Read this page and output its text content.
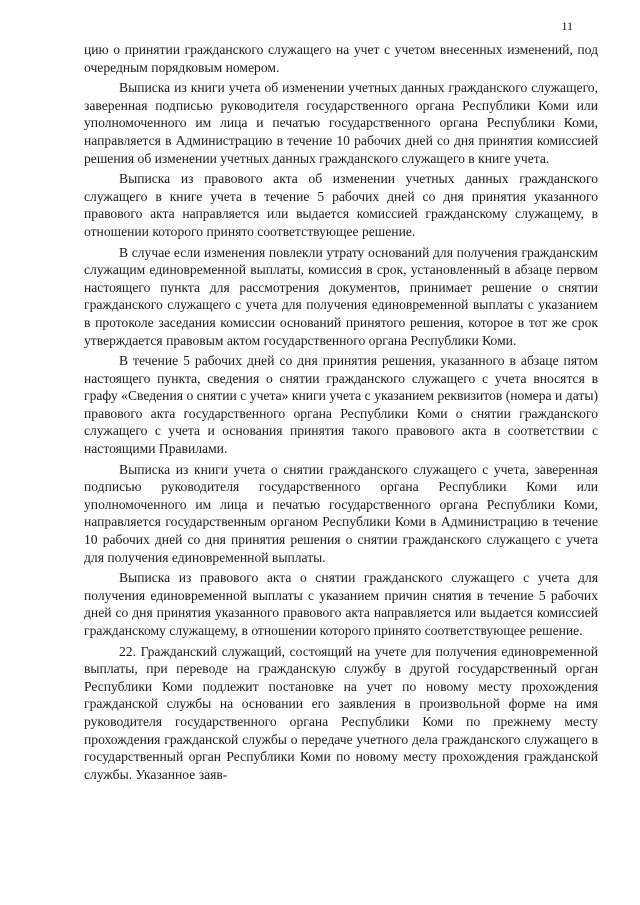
11

цию о принятии гражданского служащего на учет с учетом внесенных изменений, под очередным порядковым номером.

Выписка из книги учета об изменении учетных данных гражданского служащего, заверенная подписью руководителя государственного органа Республики Коми или уполномоченного им лица и печатью государственного органа Республики Коми, направляется в Администрацию в течение 10 рабочих дней со дня принятия комиссией решения об изменении учетных данных гражданского служащего в книге учета.

Выписка из правового акта об изменении учетных данных гражданского служащего в книге учета в течение 5 рабочих дней со дня принятия указанного правового акта направляется или выдается комиссией гражданскому служащему, в отношении которого принято соответствующее решение.

В случае если изменения повлекли утрату оснований для получения гражданским служащим единовременной выплаты, комиссия в срок, установленный в абзаце первом настоящего пункта для рассмотрения документов, принимает решение о снятии гражданского служащего с учета для получения единовременной выплаты с указанием в протоколе заседания комиссии оснований принятого решения, которое в тот же срок утверждается правовым актом государственного органа Республики Коми.

В течение 5 рабочих дней со дня принятия решения, указанного в абзаце пятом настоящего пункта, сведения о снятии гражданского служащего с учета вносятся в графу «Сведения о снятии с учета» книги учета с указанием реквизитов (номера и даты) правового акта государственного органа Республики Коми о снятии гражданского служащего с учета и основания принятия такого правового акта в соответствии с настоящими Правилами.

Выписка из книги учета о снятии гражданского служащего с учета, заверенная подписью руководителя государственного органа Республики Коми или уполномоченного им лица и печатью государственного органа Республики Коми, направляется государственным органом Республики Коми в Администрацию в течение 10 рабочих дней со дня принятия решения о снятии гражданского служащего с учета для получения единовременной выплаты.

Выписка из правового акта о снятии гражданского служащего с учета для получения единовременной выплаты с указанием причин снятия в течение 5 рабочих дней со дня принятия указанного правового акта направляется или выдается комиссией гражданскому служащему, в отношении которого принято соответствующее решение.

22. Гражданский служащий, состоящий на учете для получения единовременной выплаты, при переводе на гражданскую службу в другой государственный орган Республики Коми подлежит постановке на учет по новому месту прохождения гражданской службы на основании его заявления в произвольной форме на имя руководителя государственного органа Республики Коми по прежнему месту прохождения гражданской службы о передаче учетного дела гражданского служащего в государственный орган Республики Коми по новому месту прохождения гражданской службы. Указанное заяв-
